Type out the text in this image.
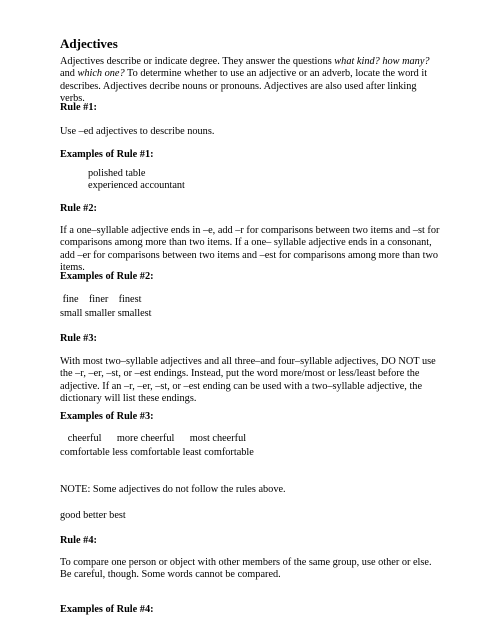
Adjectives

Adjectives describe or indicate degree. They answer the questions what kind? how many? and which one? To determine whether to use an adjective or an adverb, locate the word it describes. Adjectives decribe nouns or pronouns. Adjectives are also used after linking verbs.

Rule #1:

Use –ed adjectives to describe nouns.

Examples of Rule #1:
polished table
experienced accountant
Rule #2:

If a one–syllable adjective ends in –e, add –r for comparisons between two items and –st for comparisons among more than two items. If a one– syllable adjective ends in a consonant, add –er for comparisons between two items and –est for comparisons among more than two items.

Examples of Rule #2:
fine    finer    finest
small smaller smallest
Rule #3:

With most two–syllable adjectives and all three–and four–syllable adjectives, DO NOT use the –r, –er, –st, or –est endings. Instead, put the word more/most or less/least before the adjective. If an –r, –er, –st, or –est ending can be used with a two–syllable adjective, the dictionary will list these endings.

Examples of Rule #3:
cheerful      more cheerful      most cheerful
comfortable less comfortable least comfortable
NOTE: Some adjectives do not follow the rules above.
good better best
Rule #4:

To compare one person or object with other members of the same group, use other or else. Be careful, though. Some words cannot be compared.

Examples of Rule #4:
